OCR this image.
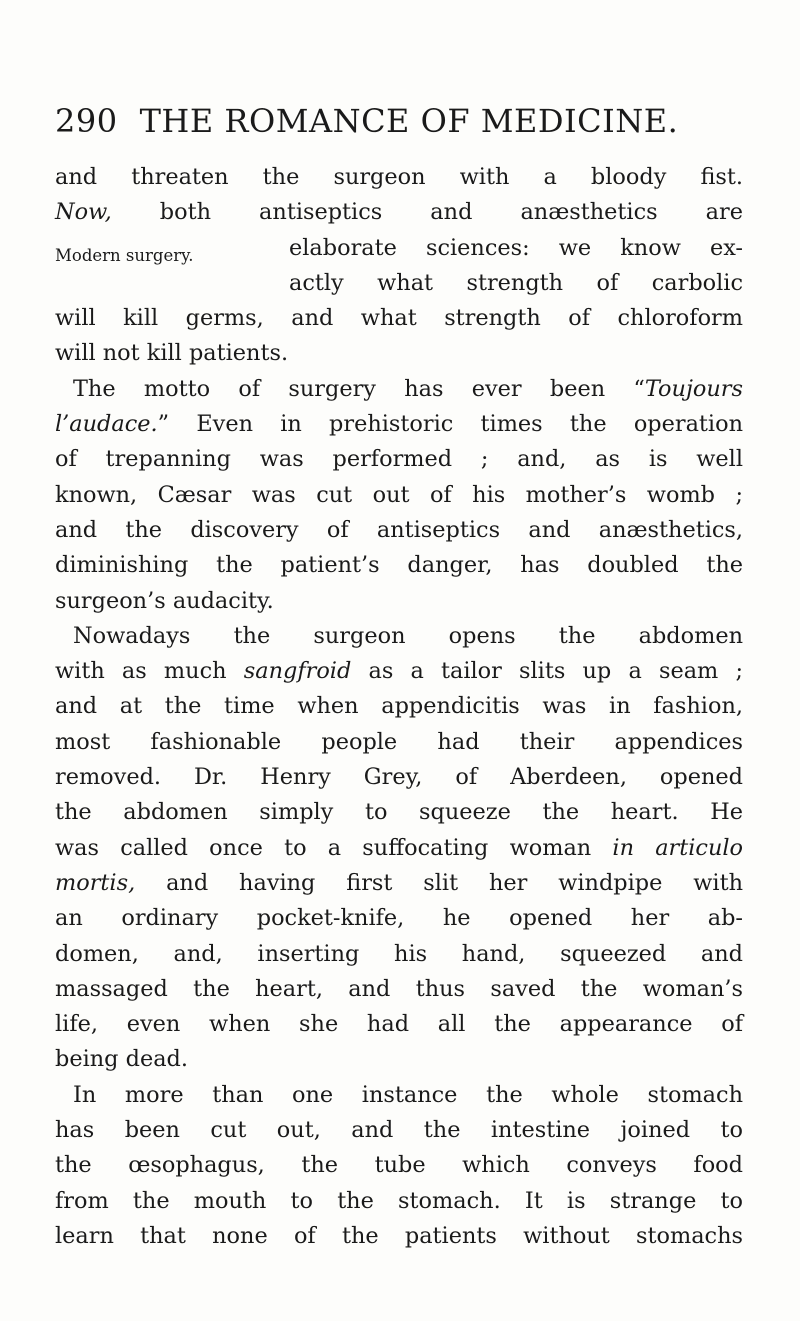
290 THE ROMANCE OF MEDICINE.
Modern surgery.
and threaten the surgeon with a bloody fist.
Now, both antiseptics and anæsthetics are
elaborate sciences: we know ex-
actly what strength of carbolic
will kill germs, and what strength of chloroform
will not kill patients.
The motto of surgery has ever been “Toujours
l’audace.” Even in prehistoric times the operation
of trepanning was performed ; and, as is well
known, Cæsar was cut out of his mother’s womb ;
and the discovery of antiseptics and anæsthetics,
diminishing the patient’s danger, has doubled the
surgeon’s audacity.
Nowadays the surgeon opens the abdomen
with as much sangfroid as a tailor slits up a seam ;
and at the time when appendicitis was in fashion,
most fashionable people had their appendices
removed. Dr. Henry Grey, of Aberdeen, opened
the abdomen simply to squeeze the heart. He
was called once to a suffocating woman in articulo
mortis, and having first slit her windpipe with
an ordinary pocket-knife, he opened her ab-
domen, and, inserting his hand, squeezed and
massaged the heart, and thus saved the woman’s
life, even when she had all the appearance of
being dead.
In more than one instance the whole stomach
has been cut out, and the intestine joined to
the œsophagus, the tube which conveys food
from the mouth to the stomach. It is strange to
learn that none of the patients without stomachs
